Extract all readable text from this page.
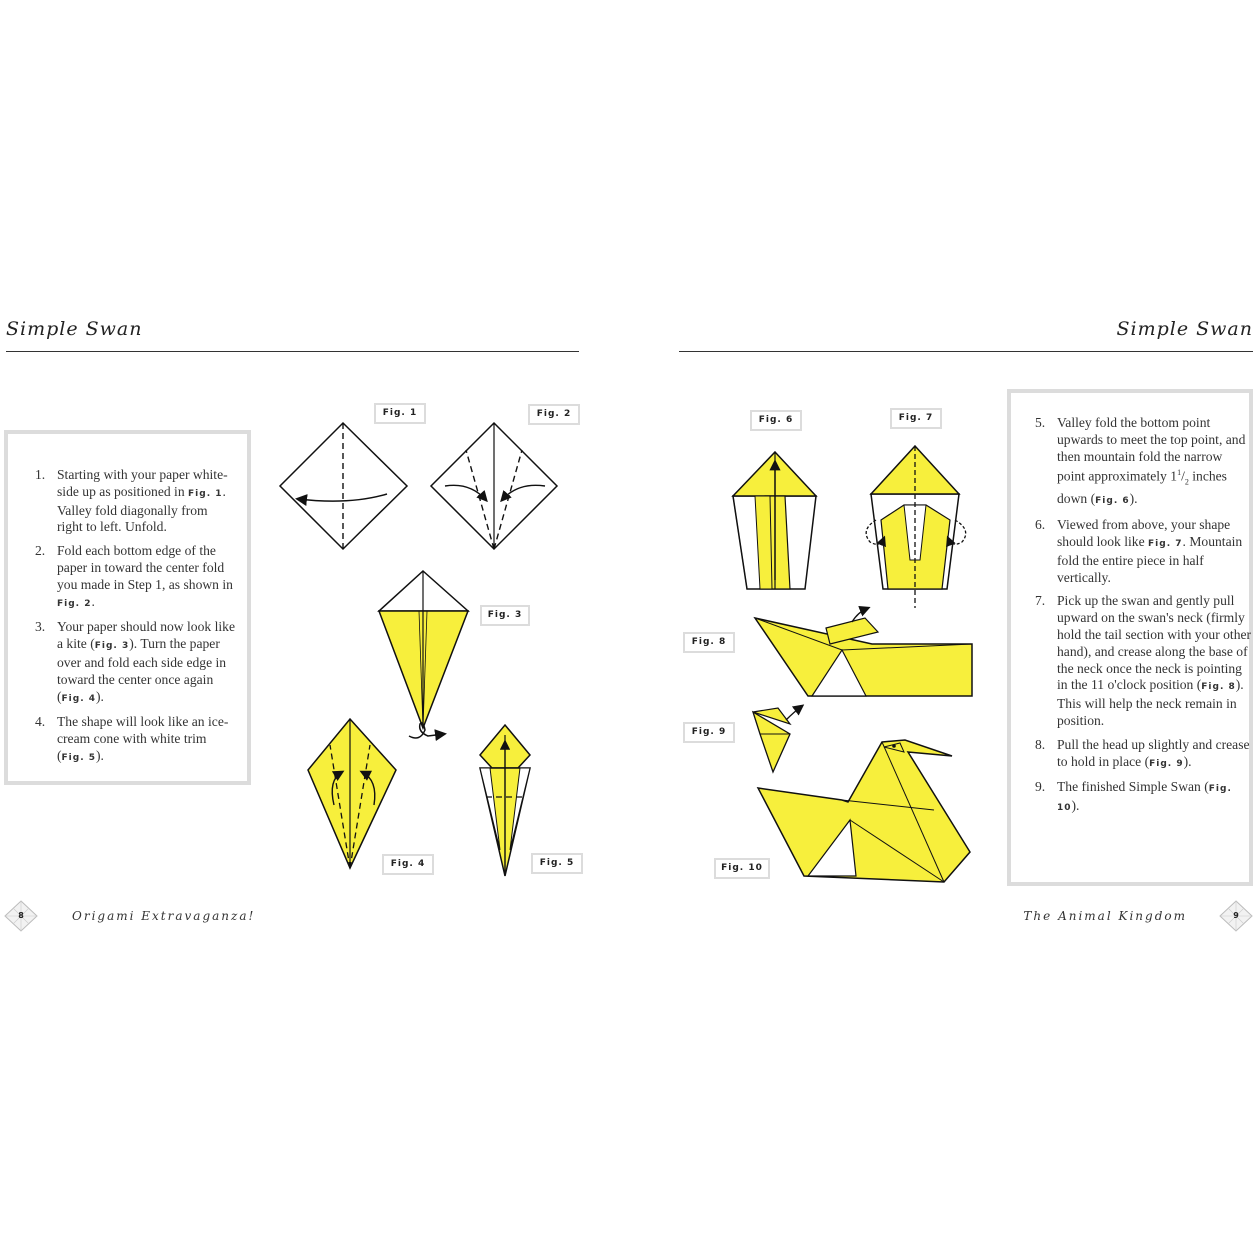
Simple Swan
1. Starting with your paper white-side up as positioned in Fig. 1. Valley fold diagonally from right to left. Unfold.
2. Fold each bottom edge of the paper in toward the center fold you made in Step 1, as shown in Fig. 2.
3. Your paper should now look like a kite (Fig. 3). Turn the paper over and fold each side edge in toward the center once again (Fig. 4).
4. The shape will look like an ice-cream cone with white trim (Fig. 5).
Fig. 1	Fig. 2
Fig. 3
Fig. 4	Fig. 5
Simple Swan
Fig. 6	Fig. 7
Fig. 8
Fig. 9
Fig. 10
5. Valley fold the bottom point upwards to meet the top point, and then mountain fold the narrow point approximately $1^1/_2$ inches down (Fig. 6).
6. Viewed from above, your shape should look like Fig. 7. Mountain fold the entire piece in half vertically.
7. Pick up the swan and gently pull upward on the swan's neck (firmly hold the tail section with your other hand), and crease along the base of the neck once the neck is pointing in the 11 o'clock position (Fig. 8). This will help the neck remain in position.
8. Pull the head up slightly and crease to hold in place (Fig. 9).
9. The finished Simple Swan (Fig. 10).
8	Origami Extravaganza!	The Animal Kingdom	9
